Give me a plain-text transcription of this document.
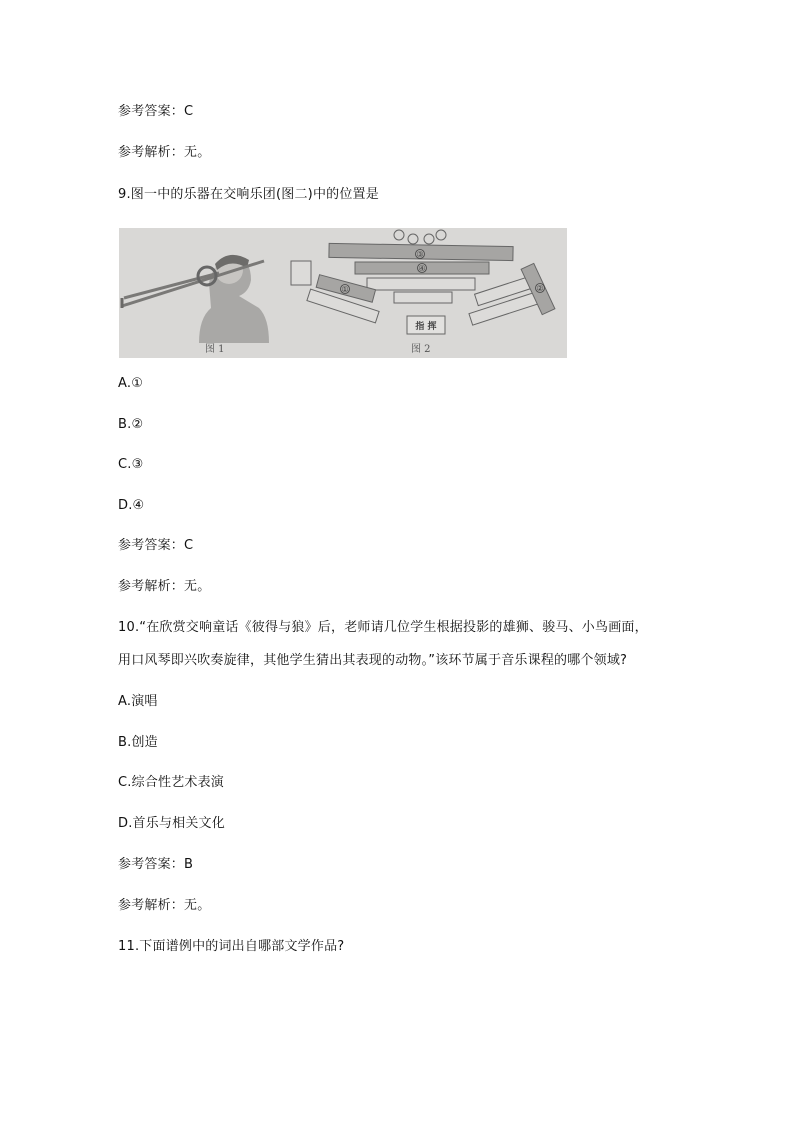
参考答案：C
参考解析：无。
9.图一中的乐器在交响乐团(图二)中的位置是
图 1
③
④
①	②
指 挥
图 2
A.①
B.②
C.③
D.④
参考答案：C
参考解析：无。
10.“在欣赏交响童话《彼得与狼》后，老师请几位学生根据投影的雄狮、骏马、小鸟画面，
用口风琴即兴吹奏旋律，其他学生猜出其表现的动物。”该环节属于音乐课程的哪个领域?
A.演唱
B.创造
C.综合性艺术表演
D.首乐与相关文化
参考答案：B
参考解析：无。
11.下面谱例中的词出自哪部文学作品?
